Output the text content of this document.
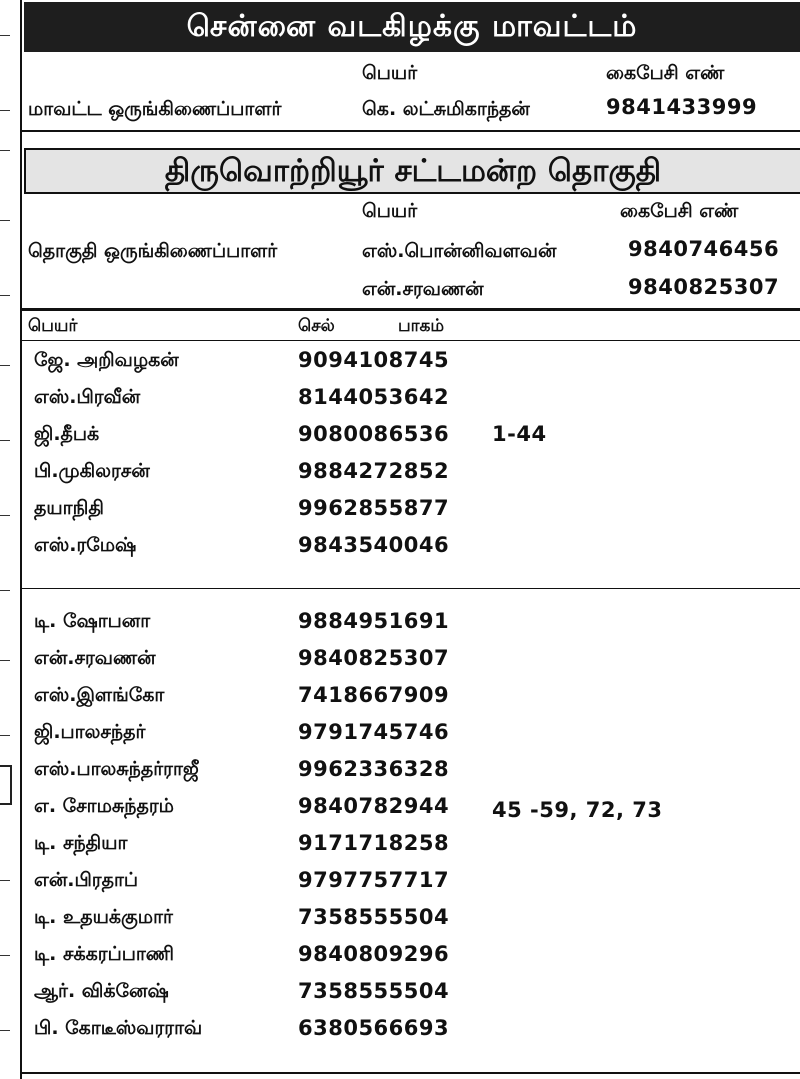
சென்னை வடகிழக்கு மாவட்டம்
பெயர்	கைபேசி எண்
மாவட்ட ஒருங்கிணைப்பாளர்	கெ. லட்சுமிகாந்தன்	9841433999
திருவொற்றியூர் சட்டமன்ற தொகுதி
பெயர்	கைபேசி எண்
தொகுதி ஒருங்கிணைப்பாளர்	எஸ்.பொன்னிவளவன்	9840746456
என்.சரவணன்	9840825307
பெயர்	செல்	பாகம்
ஜே. அறிவழகன்	9094108745
எஸ்.பிரவீன்	8144053642
ஜி.தீபக்	9080086536
பி.முகிலரசன்	9884272852
தயாநிதி	9962855877
எஸ்.ரமேஷ்	9843540046
1-44
டி. ஷோபனா	9884951691
என்.சரவணன்	9840825307
எஸ்.இளங்கோ	7418667909
ஜி.பாலசந்தர்	9791745746
எஸ்.பாலசுந்தர்ராஜீ	9962336328
எ. சோமசுந்தரம்	9840782944
டி. சந்தியா	9171718258
என்.பிரதாப்	9797757717
டி. உதயக்குமார்	7358555504
டி. சக்கரப்பாணி	9840809296
ஆர். விக்னேஷ்	7358555504
பி. கோடீஸ்வரராவ்	6380566693
45 -59, 72, 73
